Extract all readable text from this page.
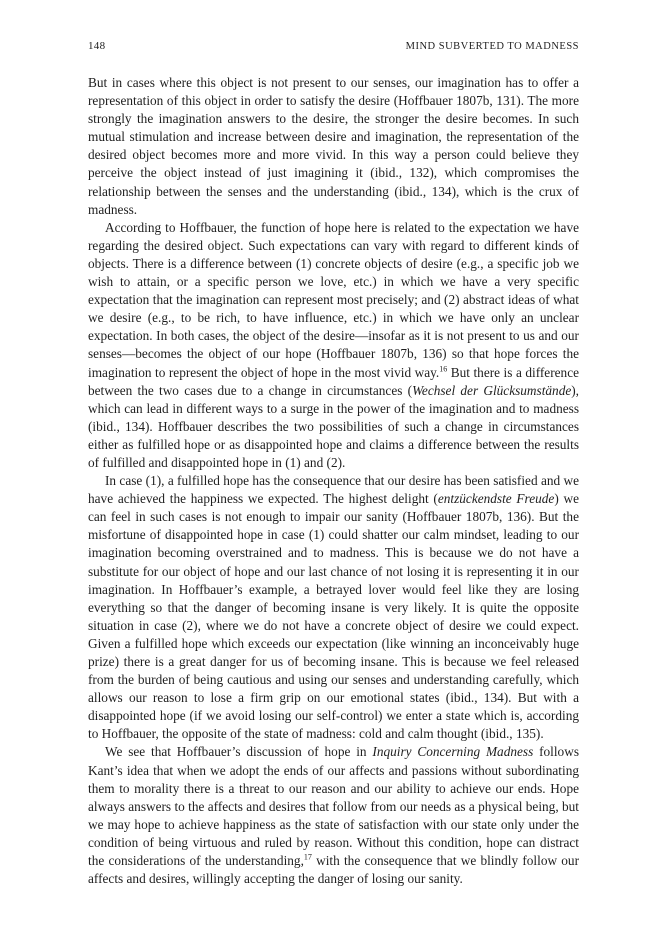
148	MIND SUBVERTED TO MADNESS

But in cases where this object is not present to our senses, our imagination has to offer a representation of this object in order to satisfy the desire (Hoffbauer 1807b, 131). The more strongly the imagination answers to the desire, the stronger the desire becomes. In such mutual stimulation and increase between desire and imagination, the representation of the desired object becomes more and more vivid. In this way a person could believe they perceive the object instead of just imagining it (ibid., 132), which compromises the relationship between the senses and the understanding (ibid., 134), which is the crux of madness.

According to Hoffbauer, the function of hope here is related to the expectation we have regarding the desired object. Such expectations can vary with regard to different kinds of objects. There is a difference between (1) concrete objects of desire (e.g., a specific job we wish to attain, or a specific person we love, etc.) in which we have a very specific expectation that the imagination can represent most precisely; and (2) abstract ideas of what we desire (e.g., to be rich, to have influence, etc.) in which we have only an unclear expectation. In both cases, the object of the desire—insofar as it is not present to us and our senses—becomes the object of our hope (Hoffbauer 1807b, 136) so that hope forces the imagination to represent the object of hope in the most vivid way.$^{16}$ But there is a difference between the two cases due to a change in circumstances (Wechsel der Glücksumstände), which can lead in different ways to a surge in the power of the imagination and to madness (ibid., 134). Hoffbauer describes the two possibilities of such a change in circumstances either as fulfilled hope or as disappointed hope and claims a difference between the results of fulfilled and disappointed hope in (1) and (2).

In case (1), a fulfilled hope has the consequence that our desire has been satisfied and we have achieved the happiness we expected. The highest delight (entzückendste Freude) we can feel in such cases is not enough to impair our sanity (Hoffbauer 1807b, 136). But the misfortune of disappointed hope in case (1) could shatter our calm mindset, leading to our imagination becoming overstrained and to madness. This is because we do not have a substitute for our object of hope and our last chance of not losing it is representing it in our imagination. In Hoffbauer’s example, a betrayed lover would feel like they are losing everything so that the danger of becoming insane is very likely. It is quite the opposite situation in case (2), where we do not have a concrete object of desire we could expect. Given a fulfilled hope which exceeds our expectation (like winning an inconceivably huge prize) there is a great danger for us of becoming insane. This is because we feel released from the burden of being cautious and using our senses and understanding carefully, which allows our reason to lose a firm grip on our emotional states (ibid., 134). But with a disappointed hope (if we avoid losing our self-control) we enter a state which is, according to Hoffbauer, the opposite of the state of madness: cold and calm thought (ibid., 135).

We see that Hoffbauer’s discussion of hope in Inquiry Concerning Madness follows Kant’s idea that when we adopt the ends of our affects and passions without subordinating them to morality there is a threat to our reason and our ability to achieve our ends. Hope always answers to the affects and desires that follow from our needs as a physical being, but we may hope to achieve happiness as the state of satisfaction with our state only under the condition of being virtuous and ruled by reason. Without this condition, hope can distract the considerations of the understanding,$^{17}$ with the consequence that we blindly follow our affects and desires, willingly accepting the danger of losing our sanity.
